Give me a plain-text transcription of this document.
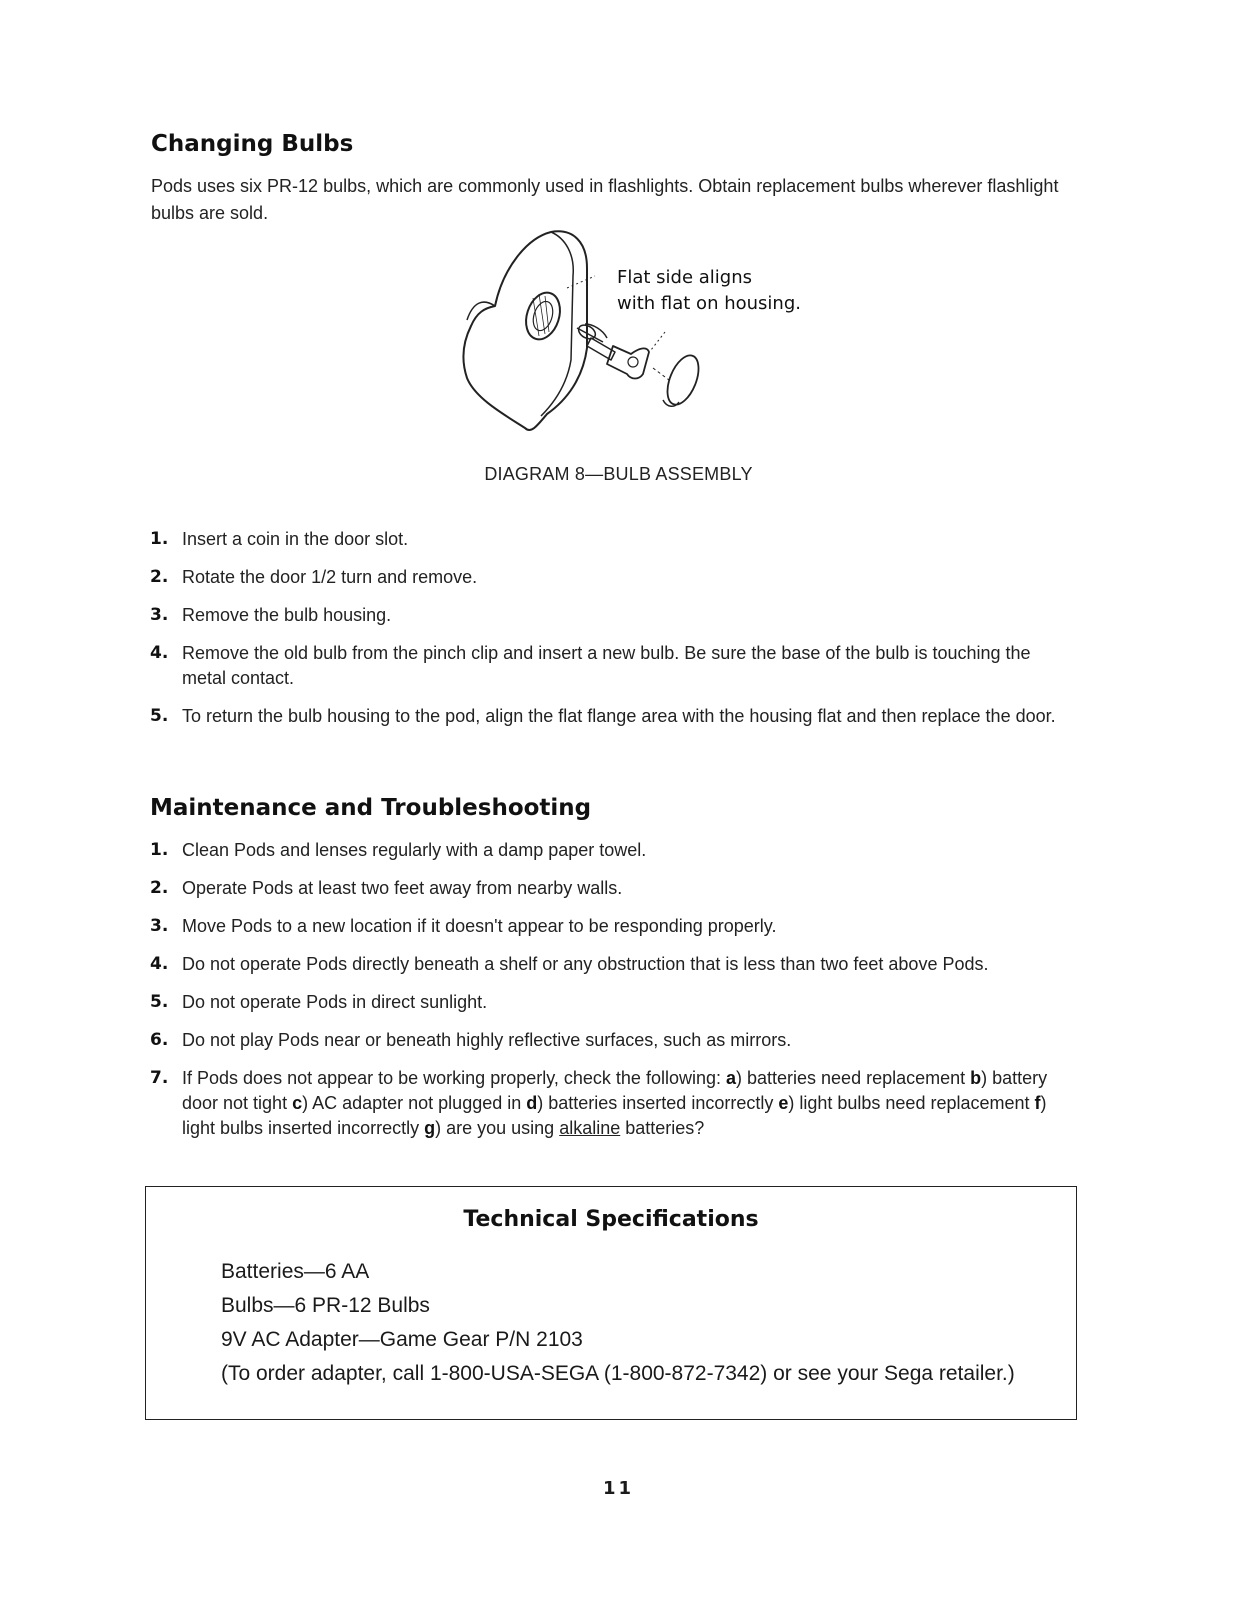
Changing Bulbs
Pods uses six PR-12 bulbs, which are commonly used in flashlights. Obtain replacement bulbs wherever flashlight bulbs are sold.
Flat side aligns
with flat on housing.
DIAGRAM 8—BULB ASSEMBLY
1. Insert a coin in the door slot.
2. Rotate the door 1/2 turn and remove.
3. Remove the bulb housing.
4. Remove the old bulb from the pinch clip and insert a new bulb. Be sure the base of the bulb is touching the metal contact.
5. To return the bulb housing to the pod, align the flat flange area with the housing flat and then replace the door.
Maintenance and Troubleshooting
1. Clean Pods and lenses regularly with a damp paper towel.
2. Operate Pods at least two feet away from nearby walls.
3. Move Pods to a new location if it doesn't appear to be responding properly.
4. Do not operate Pods directly beneath a shelf or any obstruction that is less than two feet above Pods.
5. Do not operate Pods in direct sunlight.
6. Do not play Pods near or beneath highly reflective surfaces, such as mirrors.
7. If Pods does not appear to be working properly, check the following: a) batteries need replacement b) battery door not tight c) AC adapter not plugged in d) batteries inserted incorrectly e) light bulbs need replacement f) light bulbs inserted incorrectly g) are you using alkaline batteries?
Technical Specifications
Batteries—6 AA
Bulbs—6 PR-12 Bulbs
9V AC Adapter—Game Gear P/N 2103
(To order adapter, call 1-800-USA-SEGA (1-800-872-7342) or see your Sega retailer.)
11
